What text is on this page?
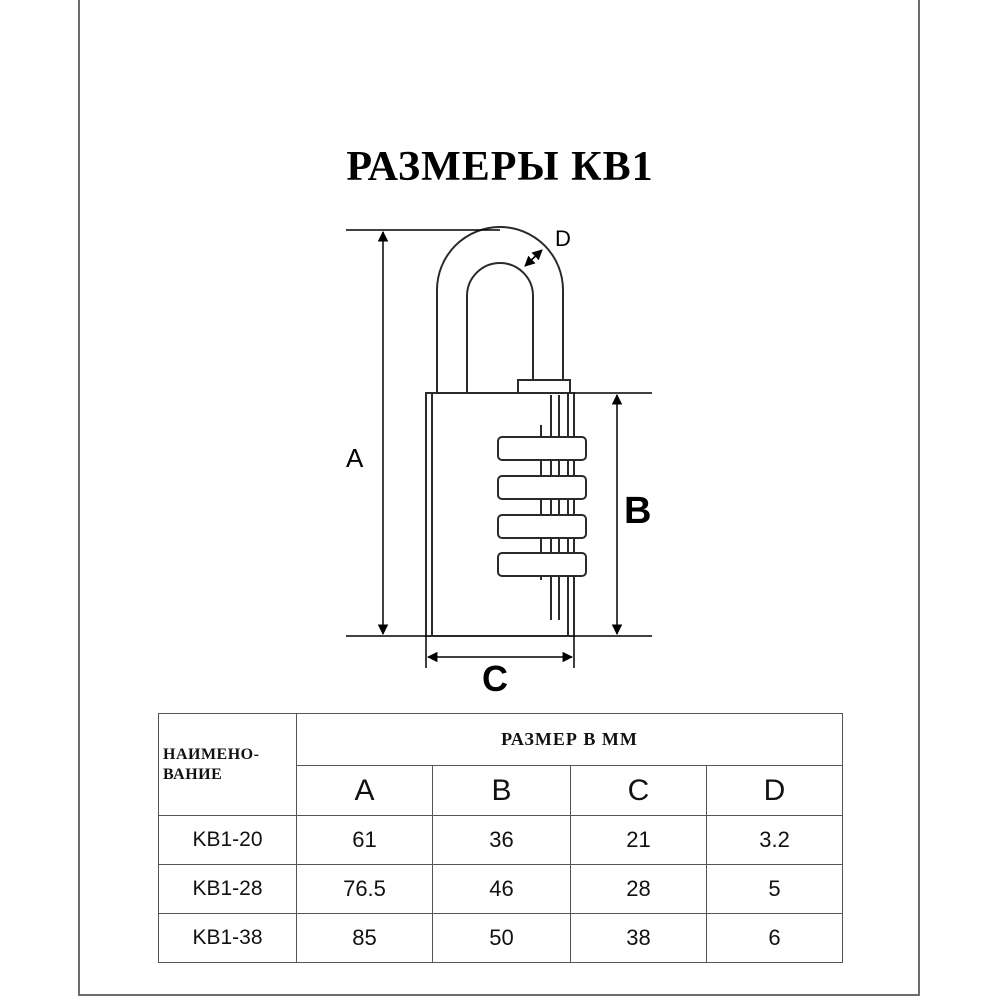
РАЗМЕРЫ КВ1
A
B
C
D
НАИМЕНО-
ВАНИЕ	РАЗМЕР В ММ			
	A	B	C	D
KB1-20	61	36	21	3.2
KB1-28	76.5	46	28	5
KB1-38	85	50	38	6
